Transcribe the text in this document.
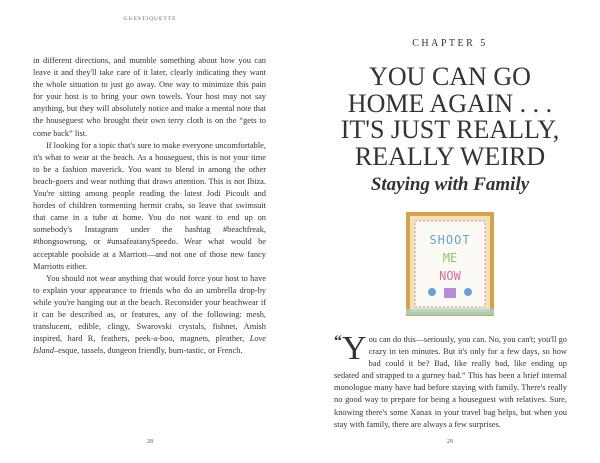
GUESTIQUETTE

in different directions, and mumble something about how you can leave it and they'll take care of it later, clearly indicating they want the whole situation to just go away. One way to minimize this pain for your host is to bring your own towels. Your host may not say anything, but they will absolutely notice and make a mental note that the houseguest who brought their own terry cloth is on the “gets to come back” list.

If looking for a topic that's sure to make everyone uncomfortable, it's what to wear at the beach. As a houseguest, this is not your time to be a fashion maverick. You want to blend in among the other beach-goers and wear nothing that draws attention. This is not Ibiza. You're sitting among people reading the latest Jodi Picoult and hordes of children tormenting hermit crabs, so leave that swimsuit that came in a tube at home. You do not want to end up on somebody's Instagram under the hashtag #beachfreak, #thongsowrong, or #unsafeatanySpeedo. Wear what would be acceptable poolside at a Marriott—and not one of those new fancy Marriotts either.

You should not wear anything that would force your host to have to explain your appearance to friends who do an umbrella drop-by while you're hanging out at the beach. Reconsider your beachwear if it can be described as, or features, any of the following: mesh, translucent, edible, clingy, Swarovski crystals, fishnet, Amish inspired, hard R, feathers, peek-a-boo, magnets, pleather, Love Island–esque, tassels, dungeon friendly, bum-tastic, or French.

28
CHAPTER 5
YOU CAN GO
HOME AGAIN . . .
IT'S JUST REALLY,
REALLY WEIRD
Staying with Family
SHOOT
ME
NOW

“Y ou can do this—seriously, you can. No, you can't; you'll go crazy in ten minutes. But it's only for a few days, so how bad could it be? Bad, like really bad, like ending up sedated and strapped to a gurney bad.” This has been a brief internal monologue many have had before staying with family. There's really no good way to prepare for being a houseguest with relatives. Sure, knowing there's some Xanax in your travel bag helps, but when you stay with family, there are always a few surprises.

29
